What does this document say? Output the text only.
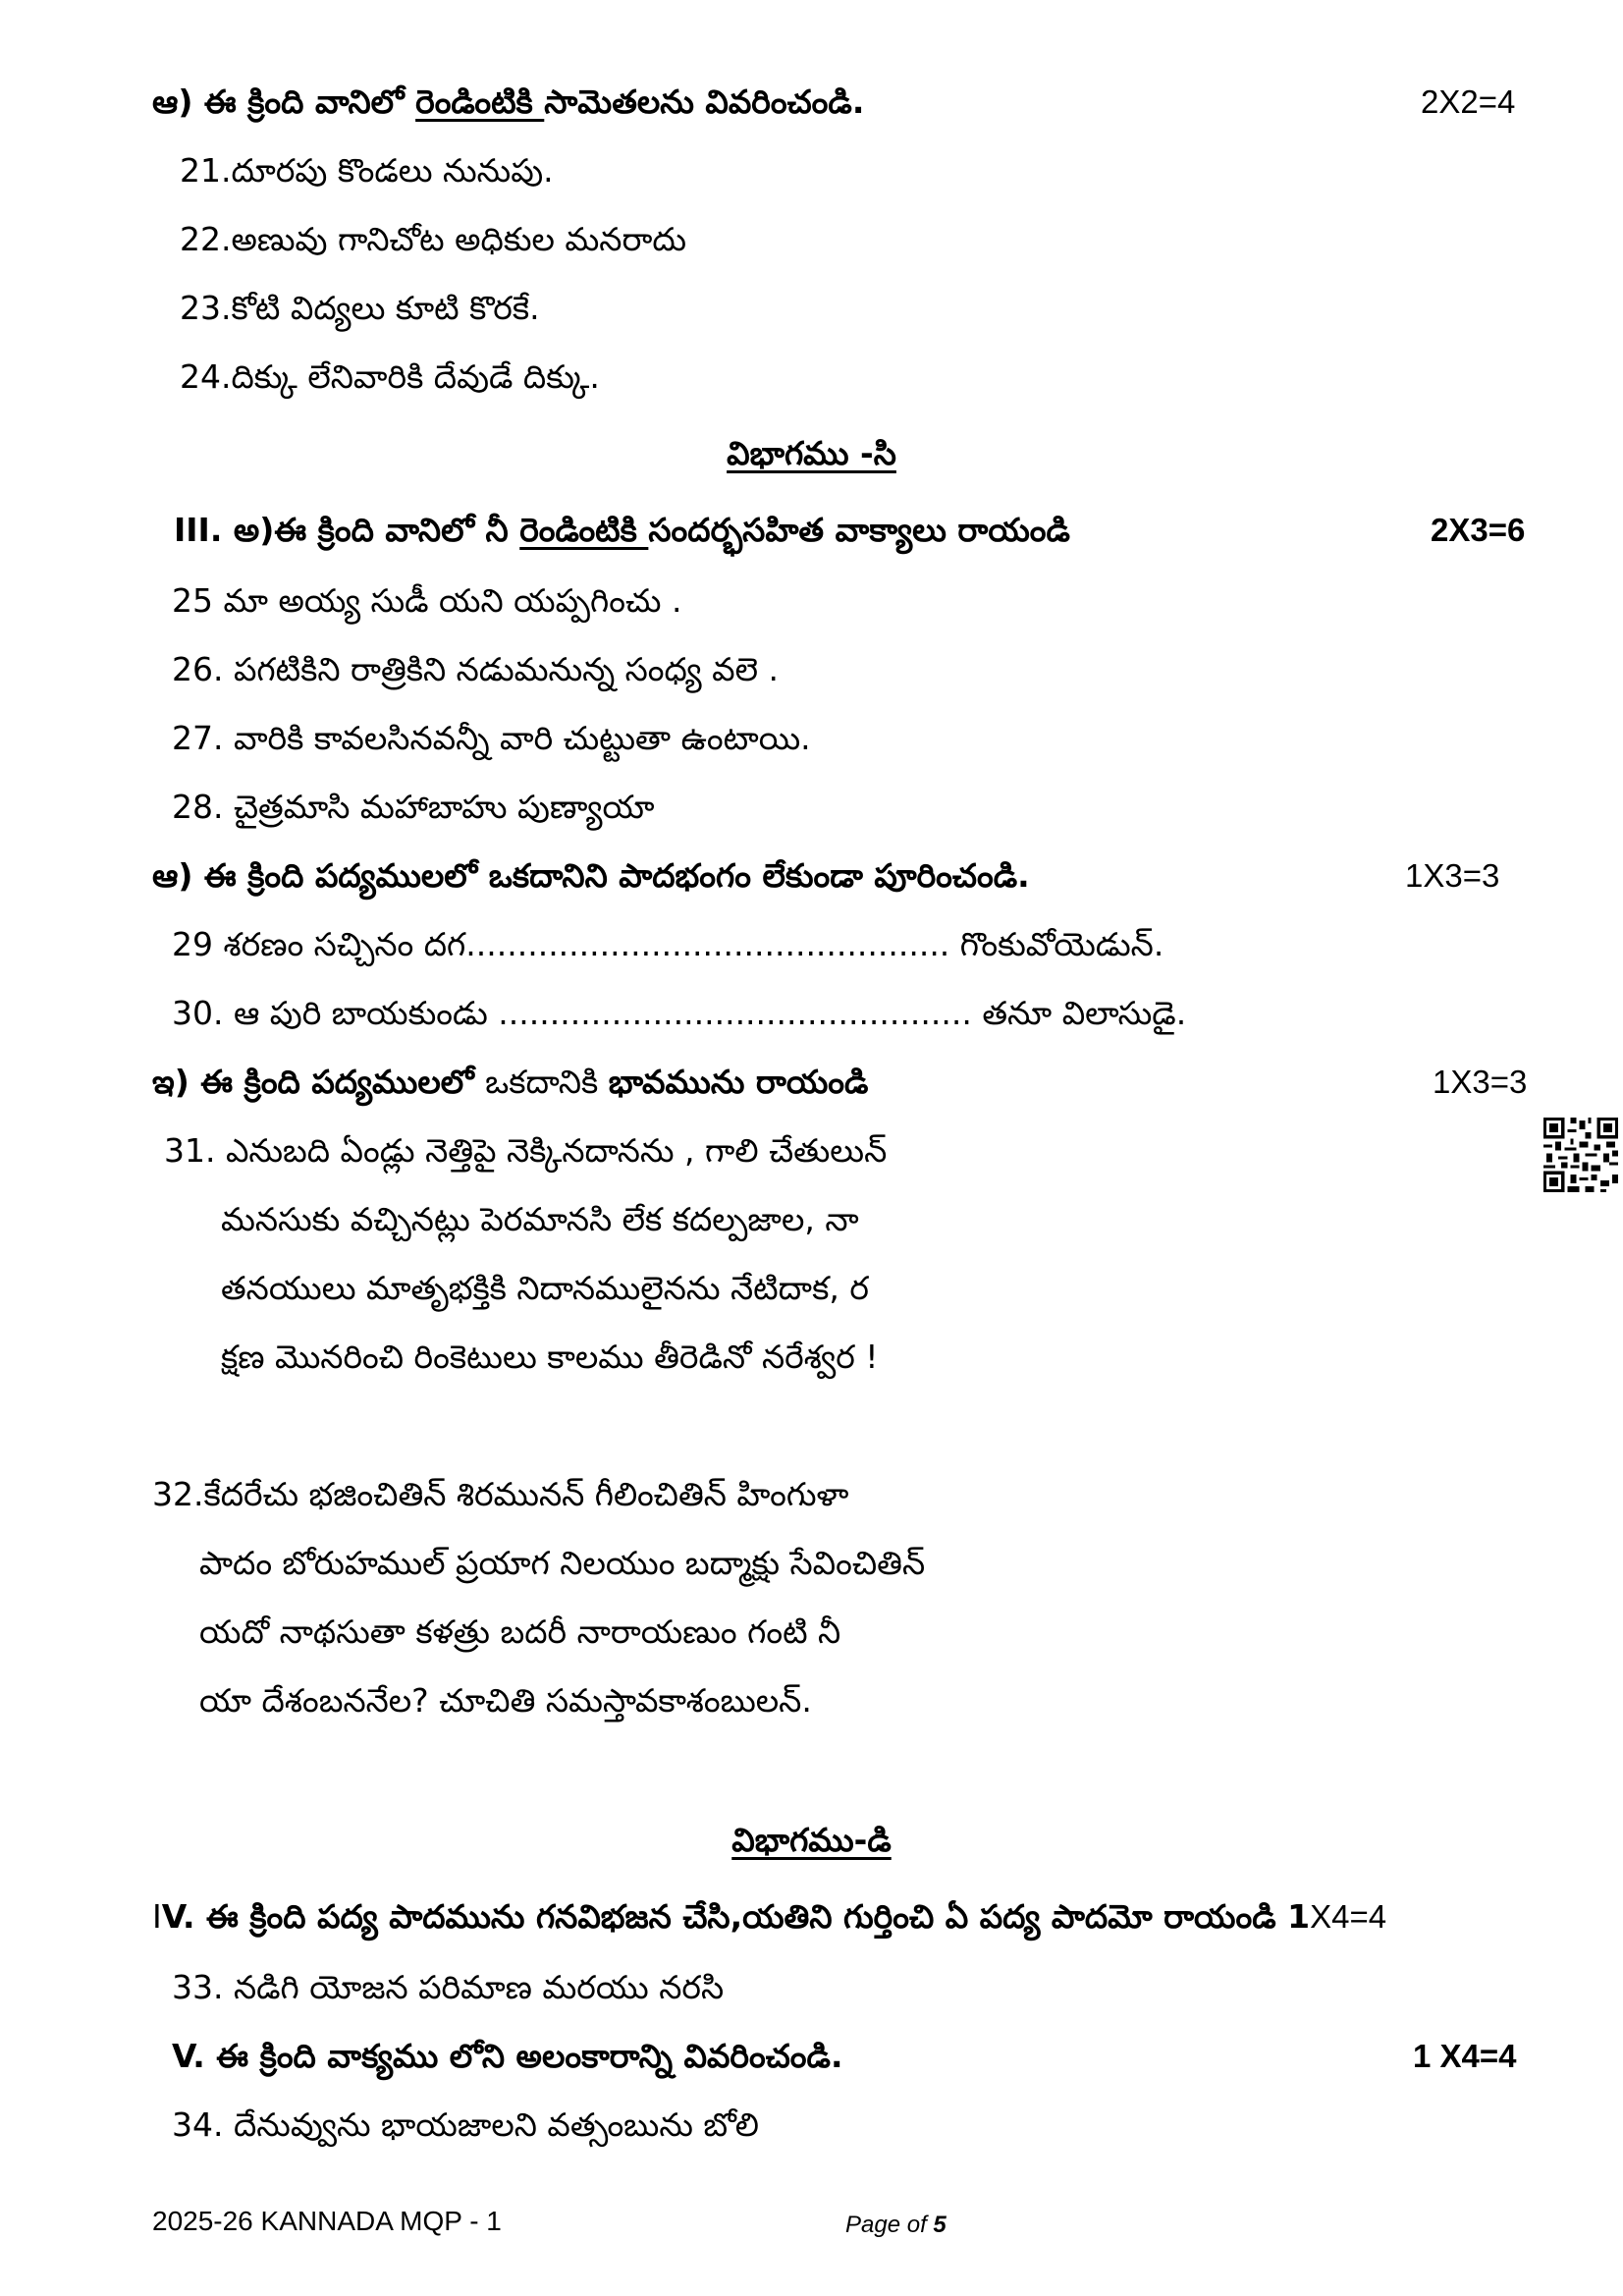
ఆ) ఈ క్రింది వానిలో రెండింటికి సామెతలను వివరించండి.	2X2=4
21.దూరపు కొండలు నునుపు.
22.అణువు గానిచోట అధికుల మనరాదు
23.కోటి విద్యలు కూటి కొరకే.
24.దిక్కు లేనివారికి దేవుడే దిక్కు.
విభాగము -సి
III. అ)ఈ క్రింది వానిలో నీ రెండింటికి సందర్భసహిత వాక్యాలు రాయండి	2X3=6
25 మా అయ్య సుడీ యని యప్పగించు .
26. పగటికిని రాత్రికిని నడుమనున్న సంధ్య వలె .
27. వారికి కావలసినవన్నీ వారి చుట్టుతా ఉంటాయి.
28. చైత్రమాసి మహాబాహు పుణ్యాయా
ఆ) ఈ క్రింది పద్యములలో ఒకదానిని పాదభంగం లేకుండా పూరించండి.	1X3=3
29 శరణం సచ్చినం దగ............................................... గొంకువోయెడున్.
30. ఆ పురి బాయకుండు .............................................. తనూ విలాసుడై.
ఇ) ఈ క్రింది పద్యములలో ఒకదానికి భావమును రాయండి	1X3=3
31. ఎనుబది ఏండ్లు నెత్తిపై నెక్కినదానను , గాలి చేతులున్
మనసుకు వచ్చినట్లు పెరమానసి లేక కదల్పజాల, నా
తనయులు మాతృభక్తికి నిదానములైనను నేటిదాక, ర
క్షణ మొనరించి రింకెటులు కాలము తీరెడినో నరేశ్వర !
32.కేదరేచు భజించితిన్ శిరమునన్ గీలించితిన్ హింగుళా
పాదం బోరుహముల్ ప్రయాగ నిలయుం బద్మాక్షు సేవించితిన్
యదో నాథసుతా కళత్రు బదరీ నారాయణుం గంటి నీ
యా దేశంబననేల? చూచితి సమస్తావకాశంబులన్.
విభాగము-డి
IV. ఈ క్రింది పద్య పాదమును గనవిభజన చేసి,యతిని గుర్తించి ఏ పద్య పాదమో రాయండి 1X4=4
33. నడిగి యోజన పరిమాణ మరయు నరసి
V. ఈ క్రింది వాక్యము లోని అలంకారాన్ని వివరించండి.	1 X4=4
34. దేనువ్వును భాయజాలని వత్సంబును బోలి
2025-26 KANNADA MQP - 1	Page of 5
